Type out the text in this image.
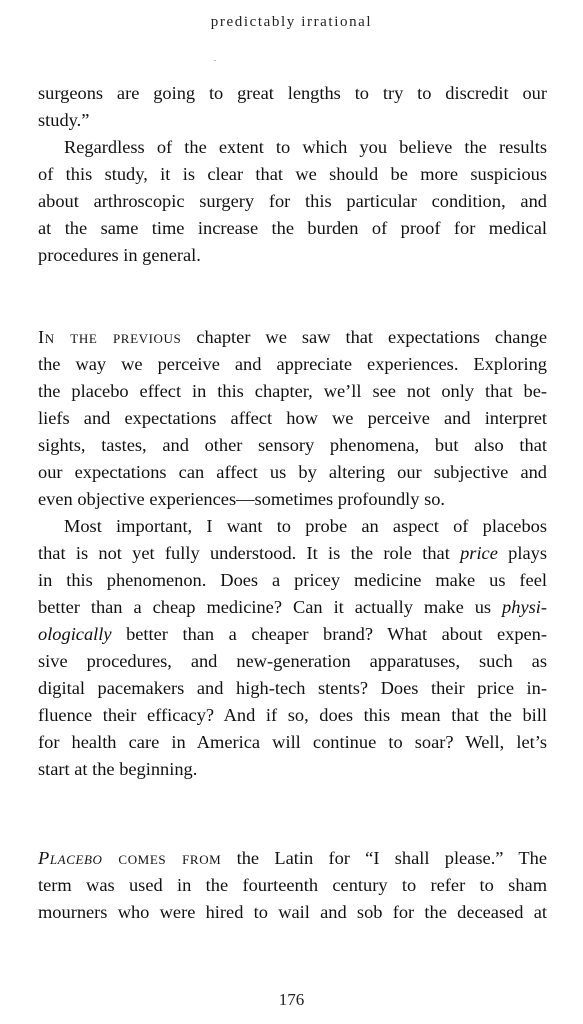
predictably irrational
surgeons are going to great lengths to try to discredit our
study.”
Regardless of the extent to which you believe the results
of this study, it is clear that we should be more suspicious
about arthroscopic surgery for this particular condition, and
at the same time increase the burden of proof for medical
procedures in general.
In the previous chapter we saw that expectations change
the way we perceive and appreciate experiences. Exploring
the placebo effect in this chapter, we’ll see not only that be-
liefs and expectations affect how we perceive and interpret
sights, tastes, and other sensory phenomena, but also that
our expectations can affect us by altering our subjective and
even objective experiences—sometimes profoundly so.
Most important, I want to probe an aspect of placebos
that is not yet fully understood. It is the role that price plays
in this phenomenon. Does a pricey medicine make us feel
better than a cheap medicine? Can it actually make us physi-
ologically better than a cheaper brand? What about expen-
sive procedures, and new-generation apparatuses, such as
digital pacemakers and high-tech stents? Does their price in-
fluence their efficacy? And if so, does this mean that the bill
for health care in America will continue to soar? Well, let’s
start at the beginning.
Placebo comes from the Latin for “I shall please.” The
term was used in the fourteenth century to refer to sham
mourners who were hired to wail and sob for the deceased at
176
